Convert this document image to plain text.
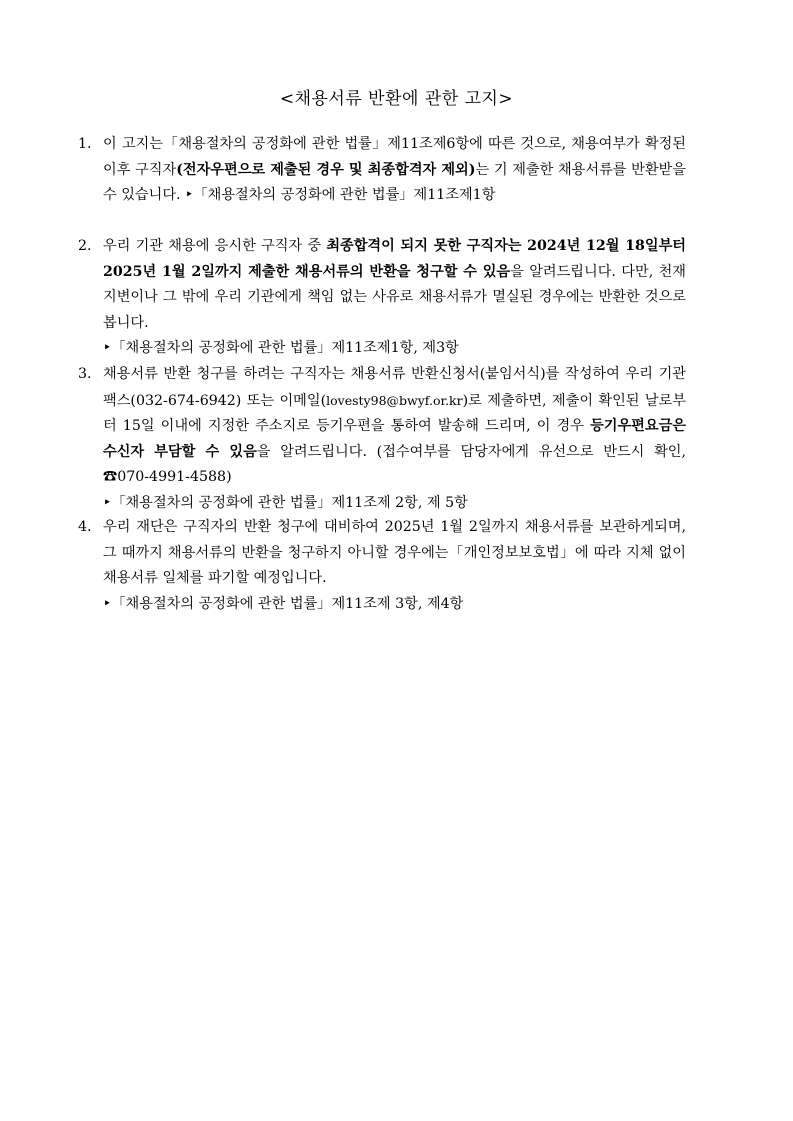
<채용서류 반환에 관한 고지>
1. 이 고지는「채용절차의 공정화에 관한 법률」제11조제6항에 따른 것으로, 채용여부가 확정된 이후 구직자(전자우편으로 제출된 경우 및 최종합격자 제외)는 기 제출한 채용서류를 반환받을 수 있습니다. ‣「채용절차의 공정화에 관한 법률」제11조제1항
2. 우리 기관 채용에 응시한 구직자 중 최종합격이 되지 못한 구직자는 2024년 12월 18일부터 2025년 1월 2일까지 제출한 채용서류의 반환을 청구할 수 있음을 알려드립니다. 다만, 천재지변이나 그 밖에 우리 기관에게 책임 없는 사유로 채용서류가 멸실된 경우에는 반환한 것으로 봅니다.
‣「채용절차의 공정화에 관한 법률」제11조제1항, 제3항
3. 채용서류 반환 청구를 하려는 구직자는 채용서류 반환신청서(붙임서식)를 작성하여 우리 기관팩스(032-674-6942) 또는 이메일(lovesty98@bwyf.or.kr)로 제출하면, 제출이 확인된 날로부터 15일 이내에 지정한 주소지로 등기우편을 통하여 발송해 드리며, 이 경우 등기우편요금은 수신자 부담할 수 있음을 알려드립니다. (접수여부를 담당자에게 유선으로 반드시 확인, ☎070-4991-4588)
‣「채용절차의 공정화에 관한 법률」제11조제 2항, 제 5항
4. 우리 재단은 구직자의 반환 청구에 대비하여 2025년 1월 2일까지 채용서류를 보관하게되며, 그 때까지 채용서류의 반환을 청구하지 아니할 경우에는「개인정보보호법」에 따라 지체 없이 채용서류 일체를 파기할 예정입니다.
‣「채용절차의 공정화에 관한 법률」제11조제 3항, 제4항
